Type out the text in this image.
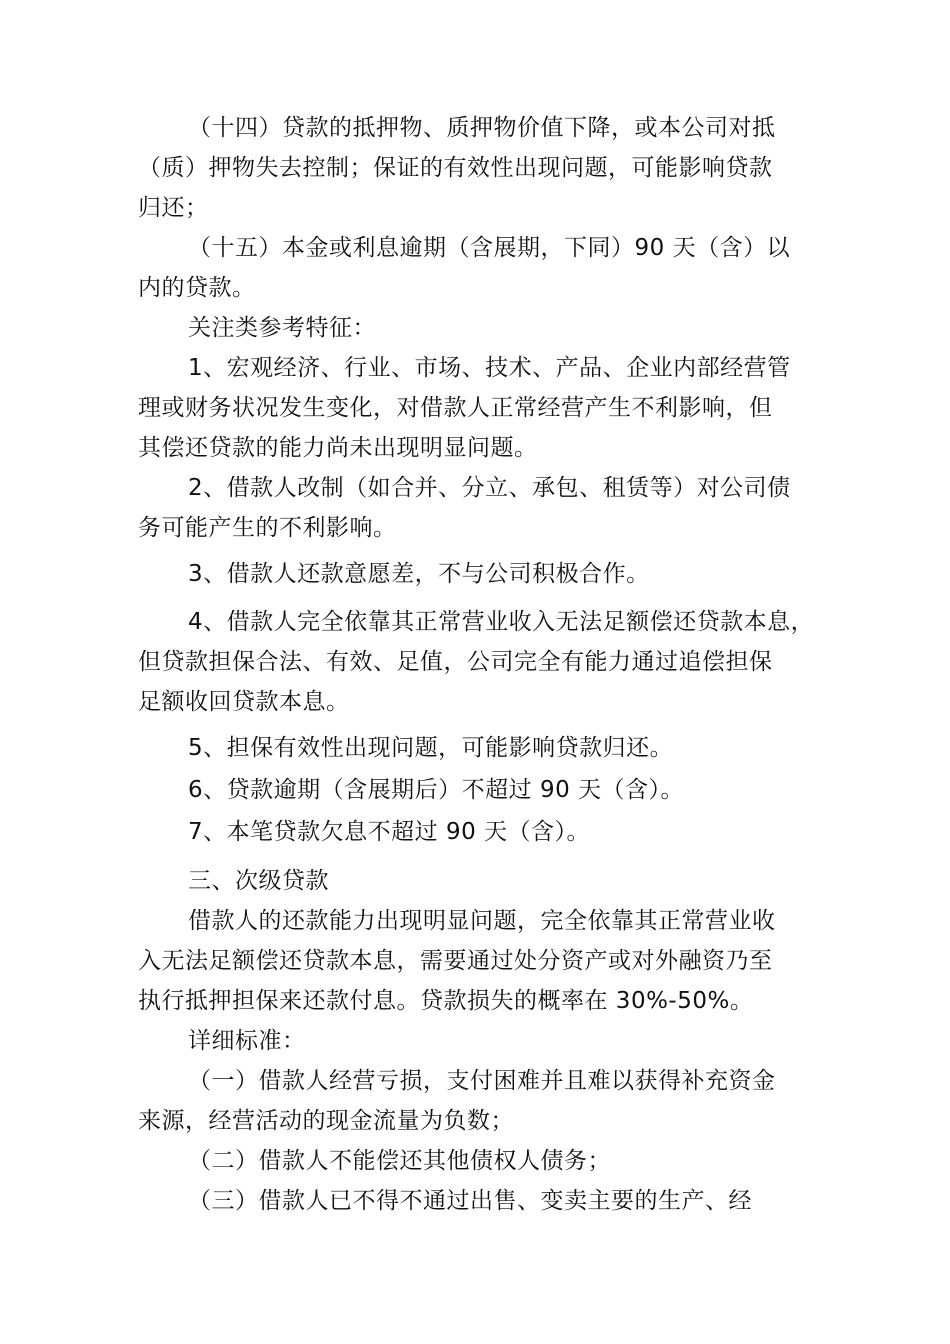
（十四）贷款的抵押物、质押物价值下降，或本公司对抵
（质）押物失去控制；保证的有效性出现问题，可能影响贷款
归还；
（十五）本金或利息逾期（含展期，下同）90 天（含）以
内的贷款。
关注类参考特征：
1、宏观经济、行业、市场、技术、产品、企业内部经营管
理或财务状况发生变化，对借款人正常经营产生不利影响，但
其偿还贷款的能力尚未出现明显问题。
2、借款人改制（如合并、分立、承包、租赁等）对公司债
务可能产生的不利影响。
3、借款人还款意愿差，不与公司积极合作。
4、借款人完全依靠其正常营业收入无法足额偿还贷款本息，
但贷款担保合法、有效、足值，公司完全有能力通过追偿担保
足额收回贷款本息。
5、担保有效性出现问题，可能影响贷款归还。
6、贷款逾期（含展期后）不超过 90 天（含）。
7、本笔贷款欠息不超过 90 天（含）。
三、次级贷款
借款人的还款能力出现明显问题，完全依靠其正常营业收
入无法足额偿还贷款本息，需要通过处分资产或对外融资乃至
执行抵押担保来还款付息。贷款损失的概率在 30%-50%。
详细标准：
（一）借款人经营亏损，支付困难并且难以获得补充资金
来源，经营活动的现金流量为负数；
（二）借款人不能偿还其他债权人债务；
（三）借款人已不得不通过出售、变卖主要的生产、经
